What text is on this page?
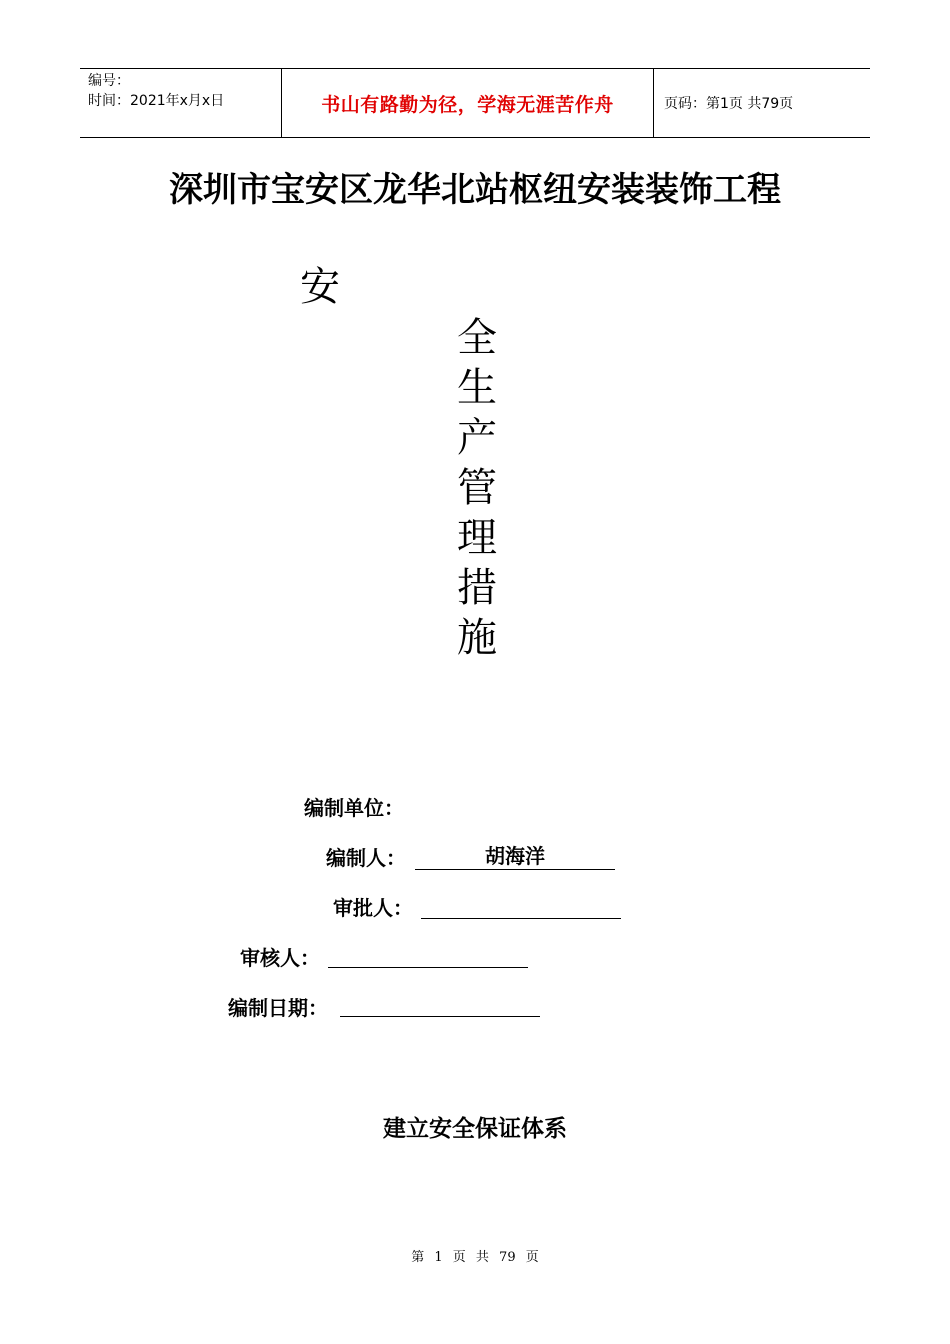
编号：
时间：2021年x月x日	书山有路勤为径，学海无涯苦作舟	页码：第1页 共79页
深圳市宝安区龙华北站枢纽安装装饰工程
安
全
生
产
管
理
措
施
编制单位：
编制人：	胡海洋
审批人：
审核人：
编制日期：
建立安全保证体系
第 1 页 共 79 页
